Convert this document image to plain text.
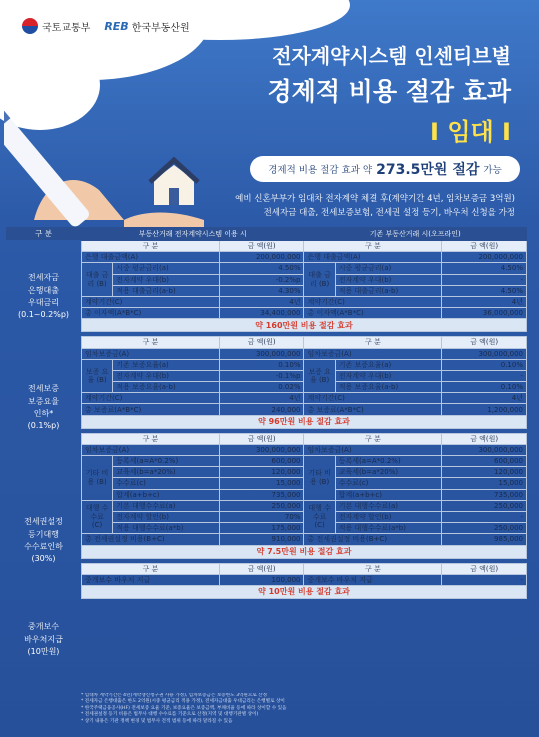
국토교통부 REB 한국부동산원
전자계약시스템 인센티브별
경제적 비용 절감 효과
I 임대 I
경제적 비용 절감 효과 약
273.5만원 절감
가능
예비 신혼부부가 임대차 전자계약 체결 후(계약기간 4년, 임차보증금 3억원)
전세자금 대출, 전세보증보험, 전세권 설정 등기, 바우처 신청을 가정
구 분
전세자금
은행대출
우대금리
(0.1~0.2%p)
전세보증
보증요율
인하*
(0.1%p)
전세권설정
등기대행
수수료인하
(30%)
중개보수
바우처지급
(10만원)
부동산거래 전자계약시스템 이용 시			기존 부동산거래 시(오프라인)		
구 분		금 액(원)	구 분		금 액(원)
은행 대출금액(A)		200,000,000	은행 대출금액(A)		200,000,000
대출 금리 (B)	시중 평균금리(a)	4.50%	대출 금리 (B)	시중 평균금리(a)	4.50%
	전자계약 우대(b)	-0.2%p		전자계약 우대(b)	-
	적용 대출금리(a-b)	4.30%		적용 대출금리(a-b)	4.50%
계약기간(C)		4년	계약기간(C)		4년
총 이자액(A*B*C)		34,400,000	총 이자액(A*B*C)		36,000,000
약 160만원 비용 절감 효과					

구 분		금 액(원)	구 분		금 액(원)
임차보증금(A)		300,000,000	임차보증금(A)		300,000,000
보증 요율 (B)	기존 보증요율(a)	0.10%	보증 요율 (B)	기존 보증요율(a)	0.10%
	전자계약 우대(b)	-0.1%p		전자계약 우대(b)	-
	적용 보증요율(a-b)	0.02%		적용 보증요율(a-b)	0.10%
계약기간(C)		4년	계약기간(C)		4년
총 보증료(A*B*C)		240,000	총 보증료(A*B*C)		1,200,000
약 96만원 비용 절감 효과					

구 분		금 액(원)	구 분		금 액(원)
임차보증금(A)		300,000,000	임차보증금(A)		300,000,000
기타 비용 (B)	등록세(a=A*0.2%)	600,000	기타 비용 (B)	등록세(a=A*0.2%)	600,000
	교육세(b=a*20%)	120,000		교육세(b=a*20%)	120,000
	수수료(c)	15,000		수수료(c)	15,000
	합계(a+b+c)	735,000		합계(a+b+c)	735,000
대행 수수료 (C)	기본 대행수수료(a)	250,000	대행 수수료 (C)	기본 대행수수료(a)	250,000
	전자계약 할인(b)	70%		전자계약 할인(b)	-
	적용 대행수수료(a*b)	175,000		적용 대행수수료(a*b)	250,000
총 전세권설정 비용(B+C)		910,000	총 전세권설정 비용(B+C)		985,000
약 7.5만원 비용 절감 효과					

구 분		금 액(원)	구 분		금 액(원)
중개보수 바우처 지급		100,000	중개보수 바우처 지급		-
약 10만원 비용 절감 효과					
* 임대차 계약기간은 4년(계약갱신청구권 사용 가정), 임차보증금은 보증한도 3억원으로 산정
* 전세자금 은행대출은 한도 2억원(시중 평균금리 적용 가정), 전세자금대출 우대금리는 은행별로 상이
* 한국주택금융공사(HF) 전세보증 요율 기준, 보증요율은 보증금액, 부채비율 등에 따라 상이할 수 있음
* 전세권설정 등기 비용은 법무사 대행 수수료를 기준으로 산정(지역 및 대행기관별 상이)
* 상기 내용은 기관 정책 변경 및 법무사 견적 범위 등에 따라 달라질 수 있음
